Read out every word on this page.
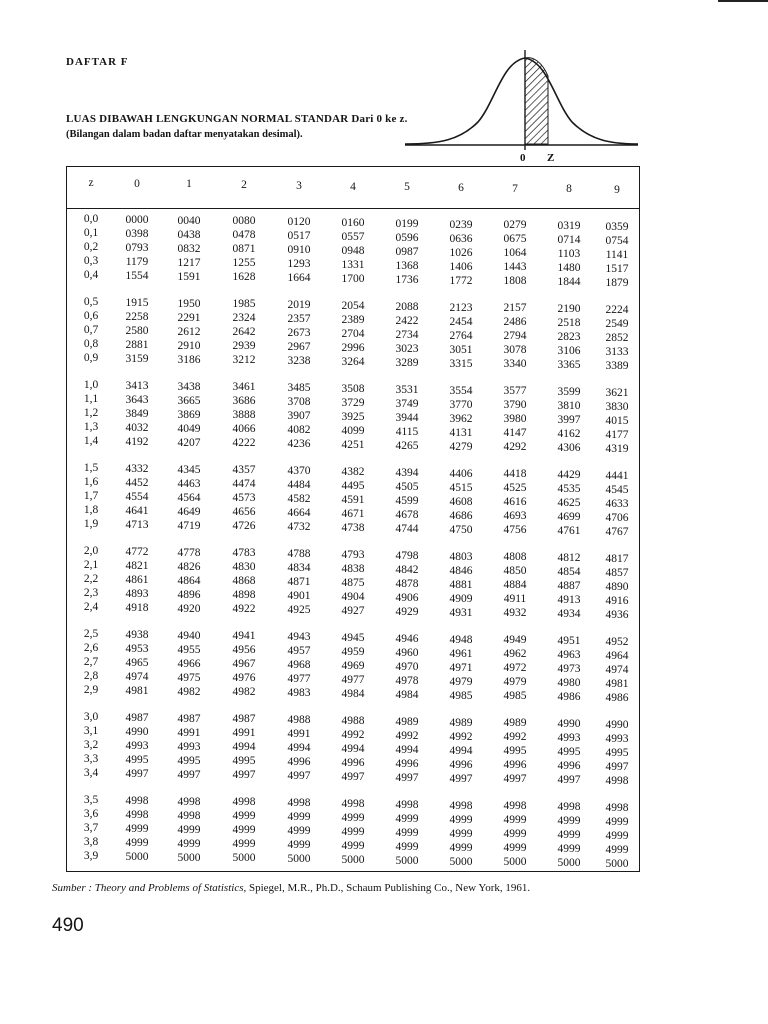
DAFTAR F
LUAS DIBAWAH LENGKUNGAN NORMAL STANDAR Dari 0 ke z.
(Bilangan dalam badan daftar menyatakan desimal).
0 Z
z	0	1	2	3	4	5	6	7	8	9
0,0 0000	0040	0080	0120	0160	0199	0239	0279	0319 0359
0,1 0398	0438	0478	0517	0557	0596	0636	0675	0714 0754
0,2 0793	0832	0871	0910	0948	0987	1026	1064	1103 1141
0,3 1179	1217	1255	1293	1331	1368	1406	1443	1480 1517
0,4 1554	1591	1628	1664	1700	1736	1772	1808	1844 1879
0,5 1915	1950	1985	2019	2054	2088	2123	2157	2190 2224
0,6 2258	2291	2324	2357	2389	2422	2454	2486	2518 2549
0,7 2580	2612	2642	2673	2704	2734	2764	2794	2823 2852
0,8 2881	2910	2939	2967	2996	3023	3051	3078	3106 3133
0,9 3159	3186	3212	3238	3264	3289	3315	3340	3365 3389
1,0 3413	3438	3461	3485	3508	3531	3554	3577	3599 3621
1,1 3643	3665	3686	3708	3729	3749	3770	3790	3810 3830
1,2 3849	3869	3888	3907	3925	3944	3962	3980	3997 4015
1,3 4032	4049	4066	4082	4099	4115	4131	4147	4162 4177
1,4 4192	4207	4222	4236	4251	4265	4279	4292	4306 4319
1,5 4332	4345	4357	4370	4382	4394	4406	4418	4429 4441
1,6 4452	4463	4474	4484	4495	4505	4515	4525	4535 4545
1,7 4554	4564	4573	4582	4591	4599	4608	4616	4625 4633
1,8 4641	4649	4656	4664	4671	4678	4686	4693	4699 4706
1,9 4713	4719	4726	4732	4738	4744	4750	4756	4761 4767
2,0 4772	4778	4783	4788	4793	4798	4803	4808	4812 4817
2,1 4821	4826	4830	4834	4838	4842	4846	4850	4854 4857
2,2 4861	4864	4868	4871	4875	4878	4881	4884	4887 4890
2,3 4893	4896	4898	4901	4904	4906	4909	4911	4913 4916
2,4 4918	4920	4922	4925	4927	4929	4931	4932	4934 4936
2,5 4938	4940	4941	4943	4945	4946	4948	4949	4951 4952
2,6 4953	4955	4956	4957	4959	4960	4961	4962	4963 4964
2,7 4965	4966	4967	4968	4969	4970	4971	4972	4973 4974
2,8 4974	4975	4976	4977	4977	4978	4979	4979	4980 4981
2,9 4981	4982	4982	4983	4984	4984	4985	4985	4986 4986
3,0 4987	4987	4987	4988	4988	4989	4989	4989	4990 4990
3,1 4990	4991	4991	4991	4992	4992	4992	4992	4993 4993
3,2 4993	4993	4994	4994	4994	4994	4994	4995	4995 4995
3,3 4995	4995	4995	4996	4996	4996	4996	4996	4996 4997
3,4 4997	4997	4997	4997	4997	4997	4997	4997	4997 4998
3,5 4998	4998	4998	4998	4998	4998	4998	4998	4998 4998
3,6 4998	4998	4999	4999	4999	4999	4999	4999	4999 4999
3,7 4999	4999	4999	4999	4999	4999	4999	4999	4999 4999
3,8 4999	4999	4999	4999	4999	4999	4999	4999	4999 4999
3,9 5000	5000	5000	5000	5000	5000	5000	5000	5000 5000
Sumber : Theory and Problems of Statistics, Spiegel, M.R., Ph.D., Schaum Publishing Co., New York, 1961.
490
